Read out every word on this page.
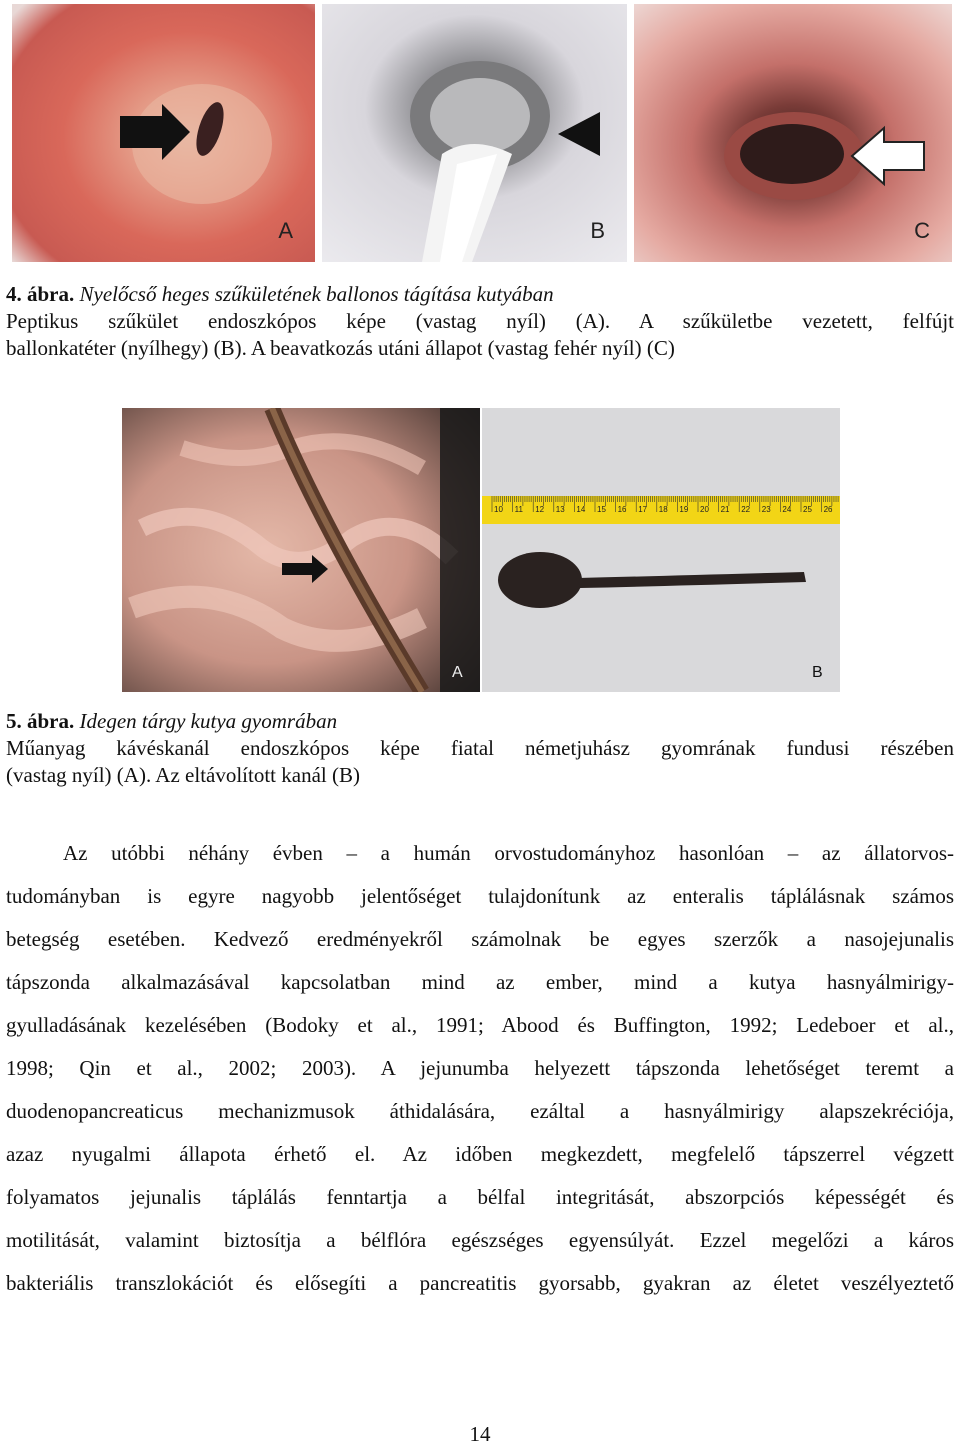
A	B	C
4. ábra. Nyelőcső heges szűkületének ballonos tágítása kutyában
Peptikus szűkület endoszkópos képe (vastag nyíl) (A). A szűkületbe vezetett, felfújt
ballonkatéter (nyílhegy) (B). A beavatkozás utáni állapot (vastag fehér nyíl) (C)
A
10 11 12 13 14 15 16 17 18 19 20 21 22 23 24 25 26
B
5. ábra. Idegen tárgy kutya gyomrában
Műanyag kávéskanál endoszkópos képe fiatal németjuhász gyomrának fundusi részében
(vastag nyíl) (A). Az eltávolított kanál (B)
Az utóbbi néhány évben – a humán orvostudományhoz hasonlóan – az állatorvos-
tudományban is egyre nagyobb jelentőséget tulajdonítunk az enteralis táplálásnak számos
betegség esetében. Kedvező eredményekről számolnak be egyes szerzők a nasojejunalis
tápszonda alkalmazásával kapcsolatban mind az ember, mind a kutya hasnyálmirigy-
gyulladásának kezelésében (Bodoky et al., 1991; Abood és Buffington, 1992; Ledeboer et al.,
1998; Qin et al., 2002; 2003). A jejunumba helyezett tápszonda lehetőséget teremt a
duodenopancreaticus mechanizmusok áthidalására, ezáltal a hasnyálmirigy alapszekréciója,
azaz nyugalmi állapota érhető el. Az időben megkezdett, megfelelő tápszerrel végzett
folyamatos jejunalis táplálás fenntartja a bélfal integritását, abszorpciós képességét és
motilitását, valamint biztosítja a bélflóra egészséges egyensúlyát. Ezzel megelőzi a káros
bakteriális transzlokációt és elősegíti a pancreatitis gyorsabb, gyakran az életet veszélyeztető
14
